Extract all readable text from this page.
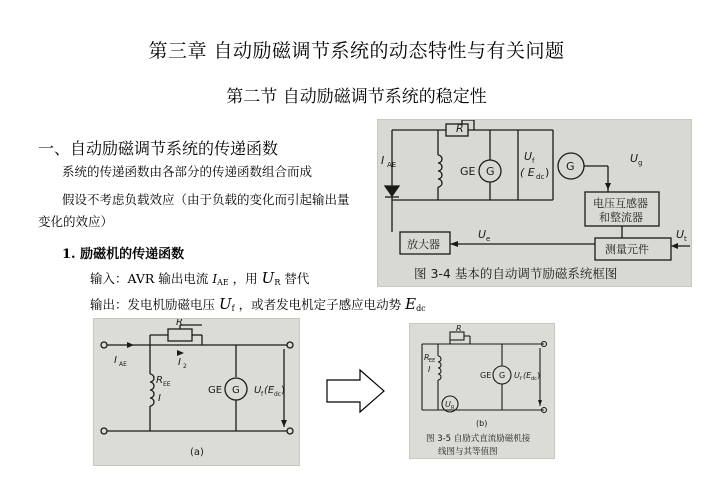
第三章 自动励磁调节系统的动态特性与有关问题
第二节 自动励磁调节系统的稳定性
一、自动励磁调节系统的传递函数
系统的传递函数由各部分的传递函数组合而成
假设不考虑负载效应（由于负载的变化而引起输出量
变化的效应）
1. 励磁机的传递函数
输入：AVR 输出电流 $I_{AE}$ ，用 $U_R$ 替代
输出：发电机励磁电压 $U_f$ ，或者发电机定子感应电动势 $E_{dc}$
R
I AE	GE G
U f
( E dc ) G
U g
电压互感器
和整流器
放大器	测量元件
U e	U t
图 3-4 基本的自动调节励磁系统框图
R
I AE	I 2
R EE
I
GE G U f (E dc )
(a)
R
R EE
I
GE G
U R
U f (E dc )
(b)
图 3-5 自励式直流励磁机接
线图与其等值图
